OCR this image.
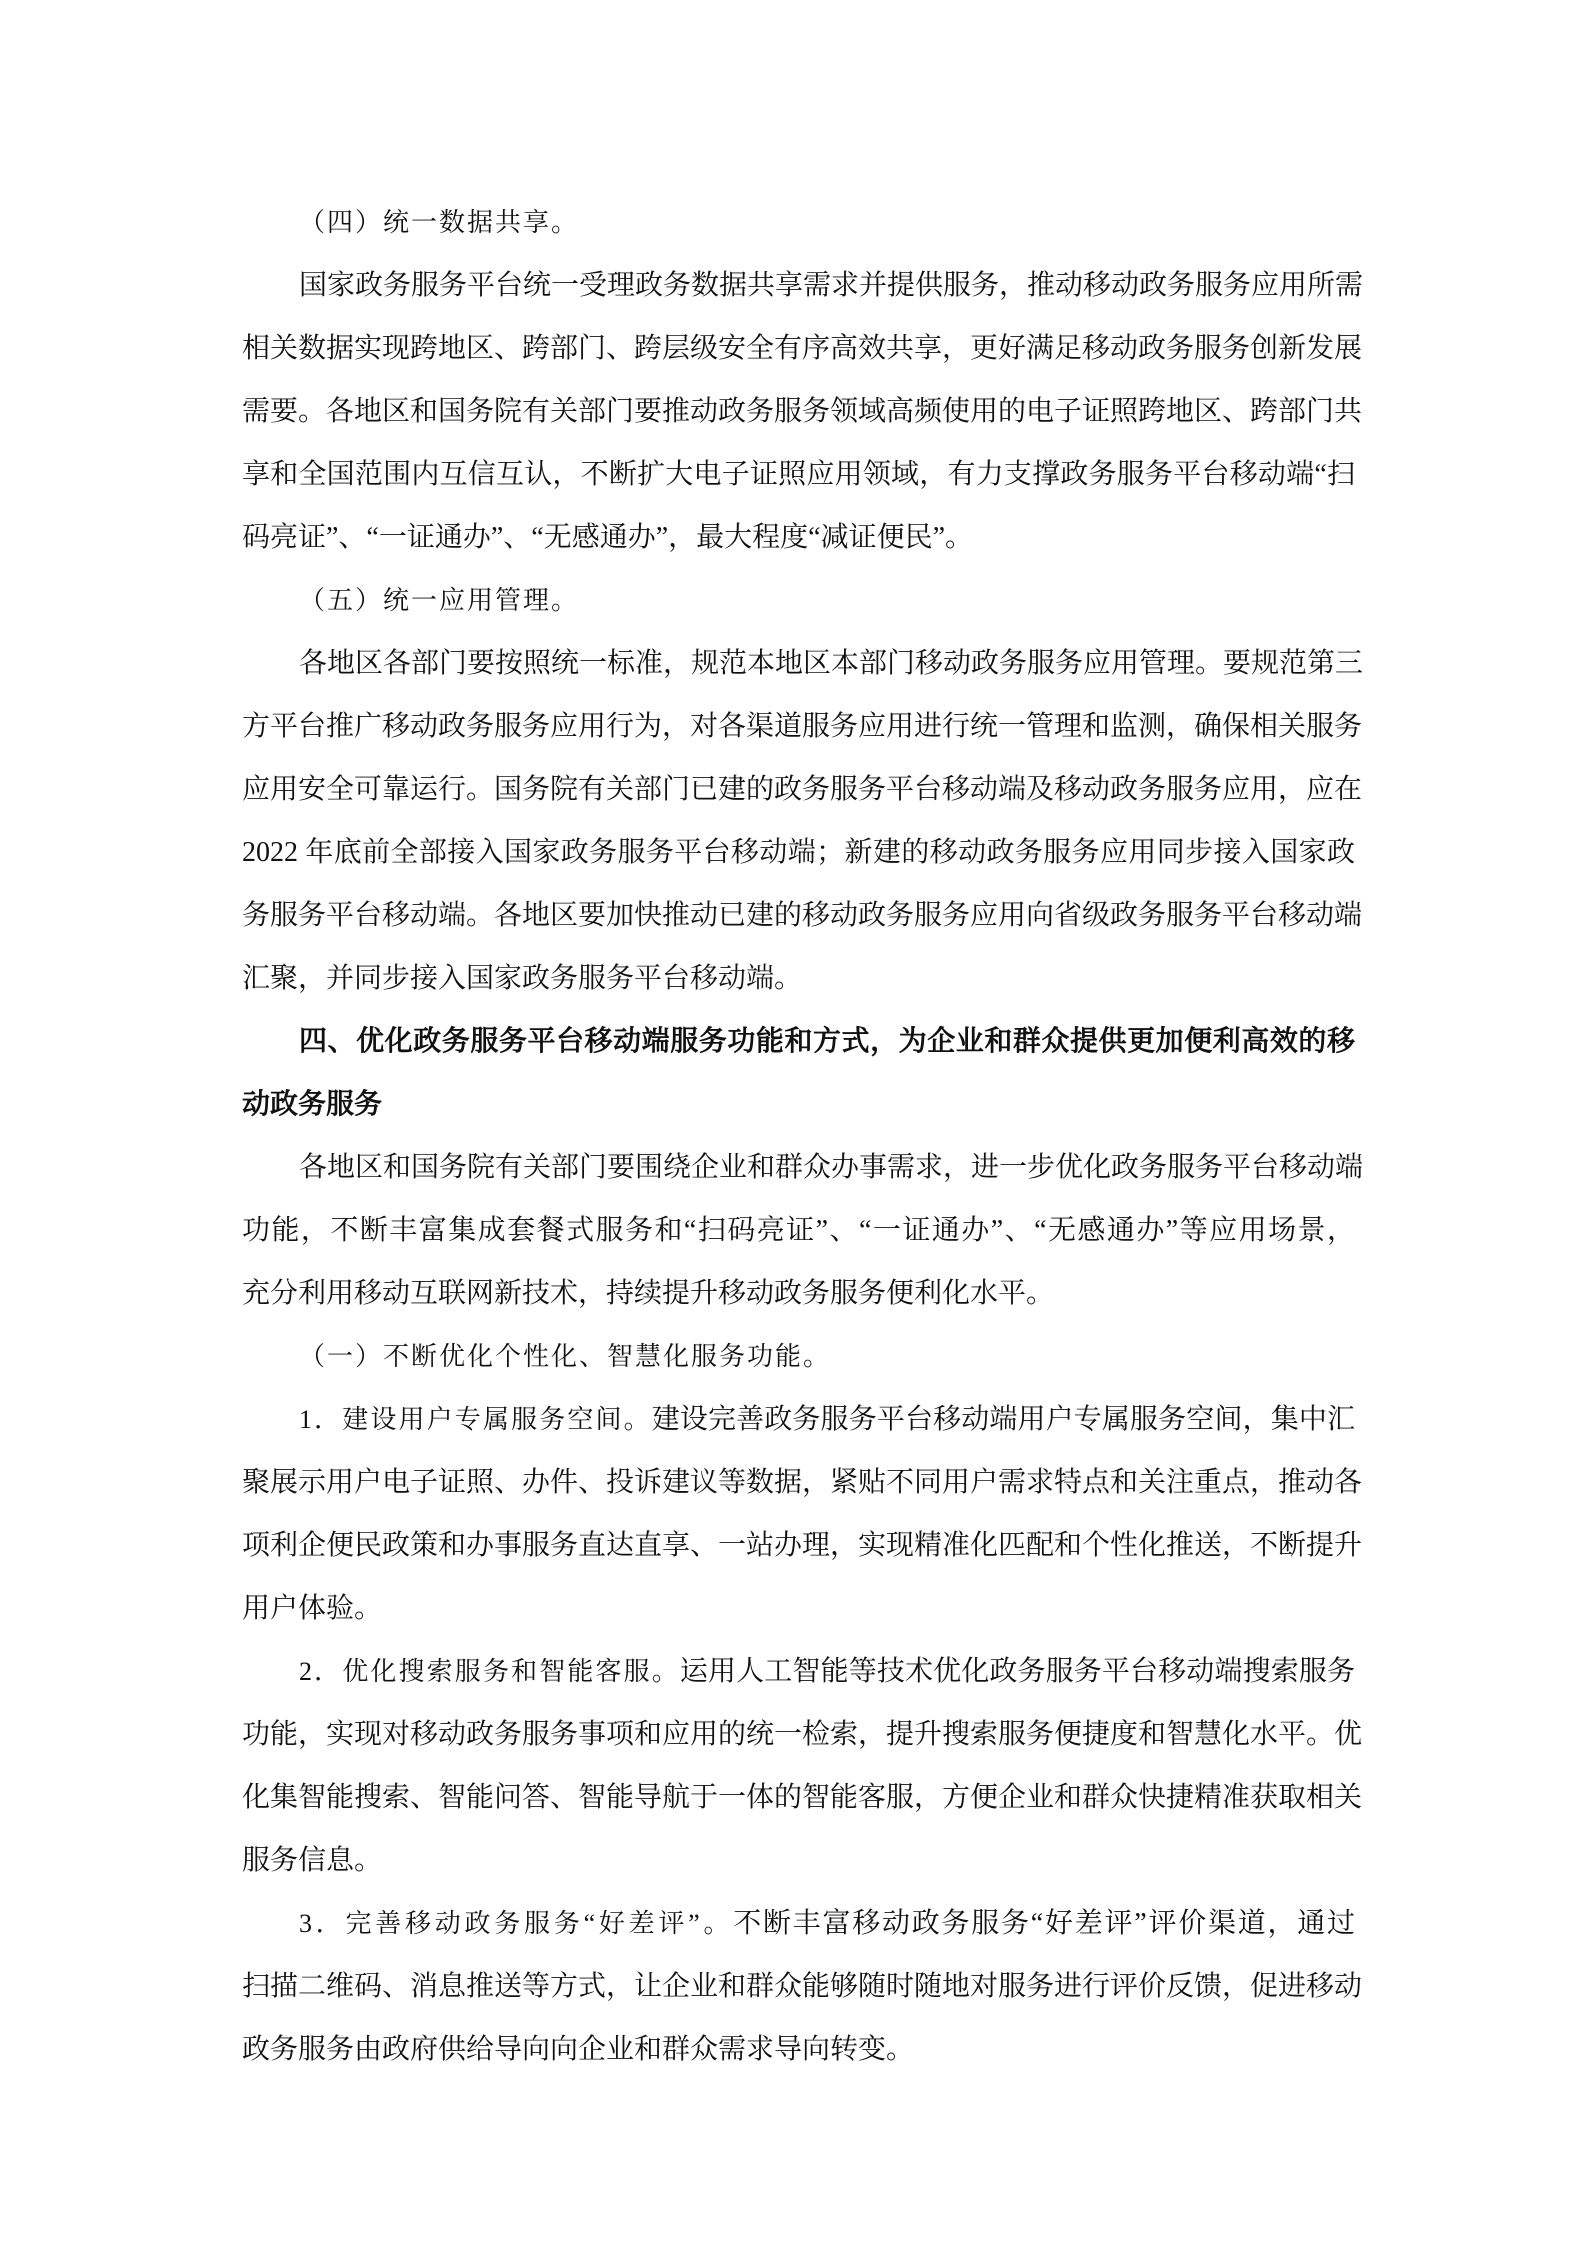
（四）统一数据共享。
国家政务服务平台统一受理政务数据共享需求并提供服务，推动移动政务服务应用所需
相关数据实现跨地区、跨部门、跨层级安全有序高效共享，更好满足移动政务服务创新发展
需要。各地区和国务院有关部门要推动政务服务领域高频使用的电子证照跨地区、跨部门共
享和全国范围内互信互认，不断扩大电子证照应用领域，有力支撑政务服务平台移动端“扫
码亮证”、“一证通办”、“无感通办”，最大程度“减证便民”。
（五）统一应用管理。
各地区各部门要按照统一标准，规范本地区本部门移动政务服务应用管理。要规范第三
方平台推广移动政务服务应用行为，对各渠道服务应用进行统一管理和监测，确保相关服务
应用安全可靠运行。国务院有关部门已建的政务服务平台移动端及移动政务服务应用，应在
2022 年底前全部接入国家政务服务平台移动端；新建的移动政务服务应用同步接入国家政
务服务平台移动端。各地区要加快推动已建的移动政务服务应用向省级政务服务平台移动端
汇聚，并同步接入国家政务服务平台移动端。
四、优化政务服务平台移动端服务功能和方式，为企业和群众提供更加便利高效的移
动政务服务
各地区和国务院有关部门要围绕企业和群众办事需求，进一步优化政务服务平台移动端
功能，不断丰富集成套餐式服务和“扫码亮证”、“一证通办”、“无感通办”等应用场景，
充分利用移动互联网新技术，持续提升移动政务服务便利化水平。
（一）不断优化个性化、智慧化服务功能。
1．建设用户专属服务空间。建设完善政务服务平台移动端用户专属服务空间，集中汇
聚展示用户电子证照、办件、投诉建议等数据，紧贴不同用户需求特点和关注重点，推动各
项利企便民政策和办事服务直达直享、一站办理，实现精准化匹配和个性化推送，不断提升
用户体验。
2．优化搜索服务和智能客服。运用人工智能等技术优化政务服务平台移动端搜索服务
功能，实现对移动政务服务事项和应用的统一检索，提升搜索服务便捷度和智慧化水平。优
化集智能搜索、智能问答、智能导航于一体的智能客服，方便企业和群众快捷精准获取相关
服务信息。
3．完善移动政务服务“好差评”。不断丰富移动政务服务“好差评”评价渠道，通过
扫描二维码、消息推送等方式，让企业和群众能够随时随地对服务进行评价反馈，促进移动
政务服务由政府供给导向向企业和群众需求导向转变。
